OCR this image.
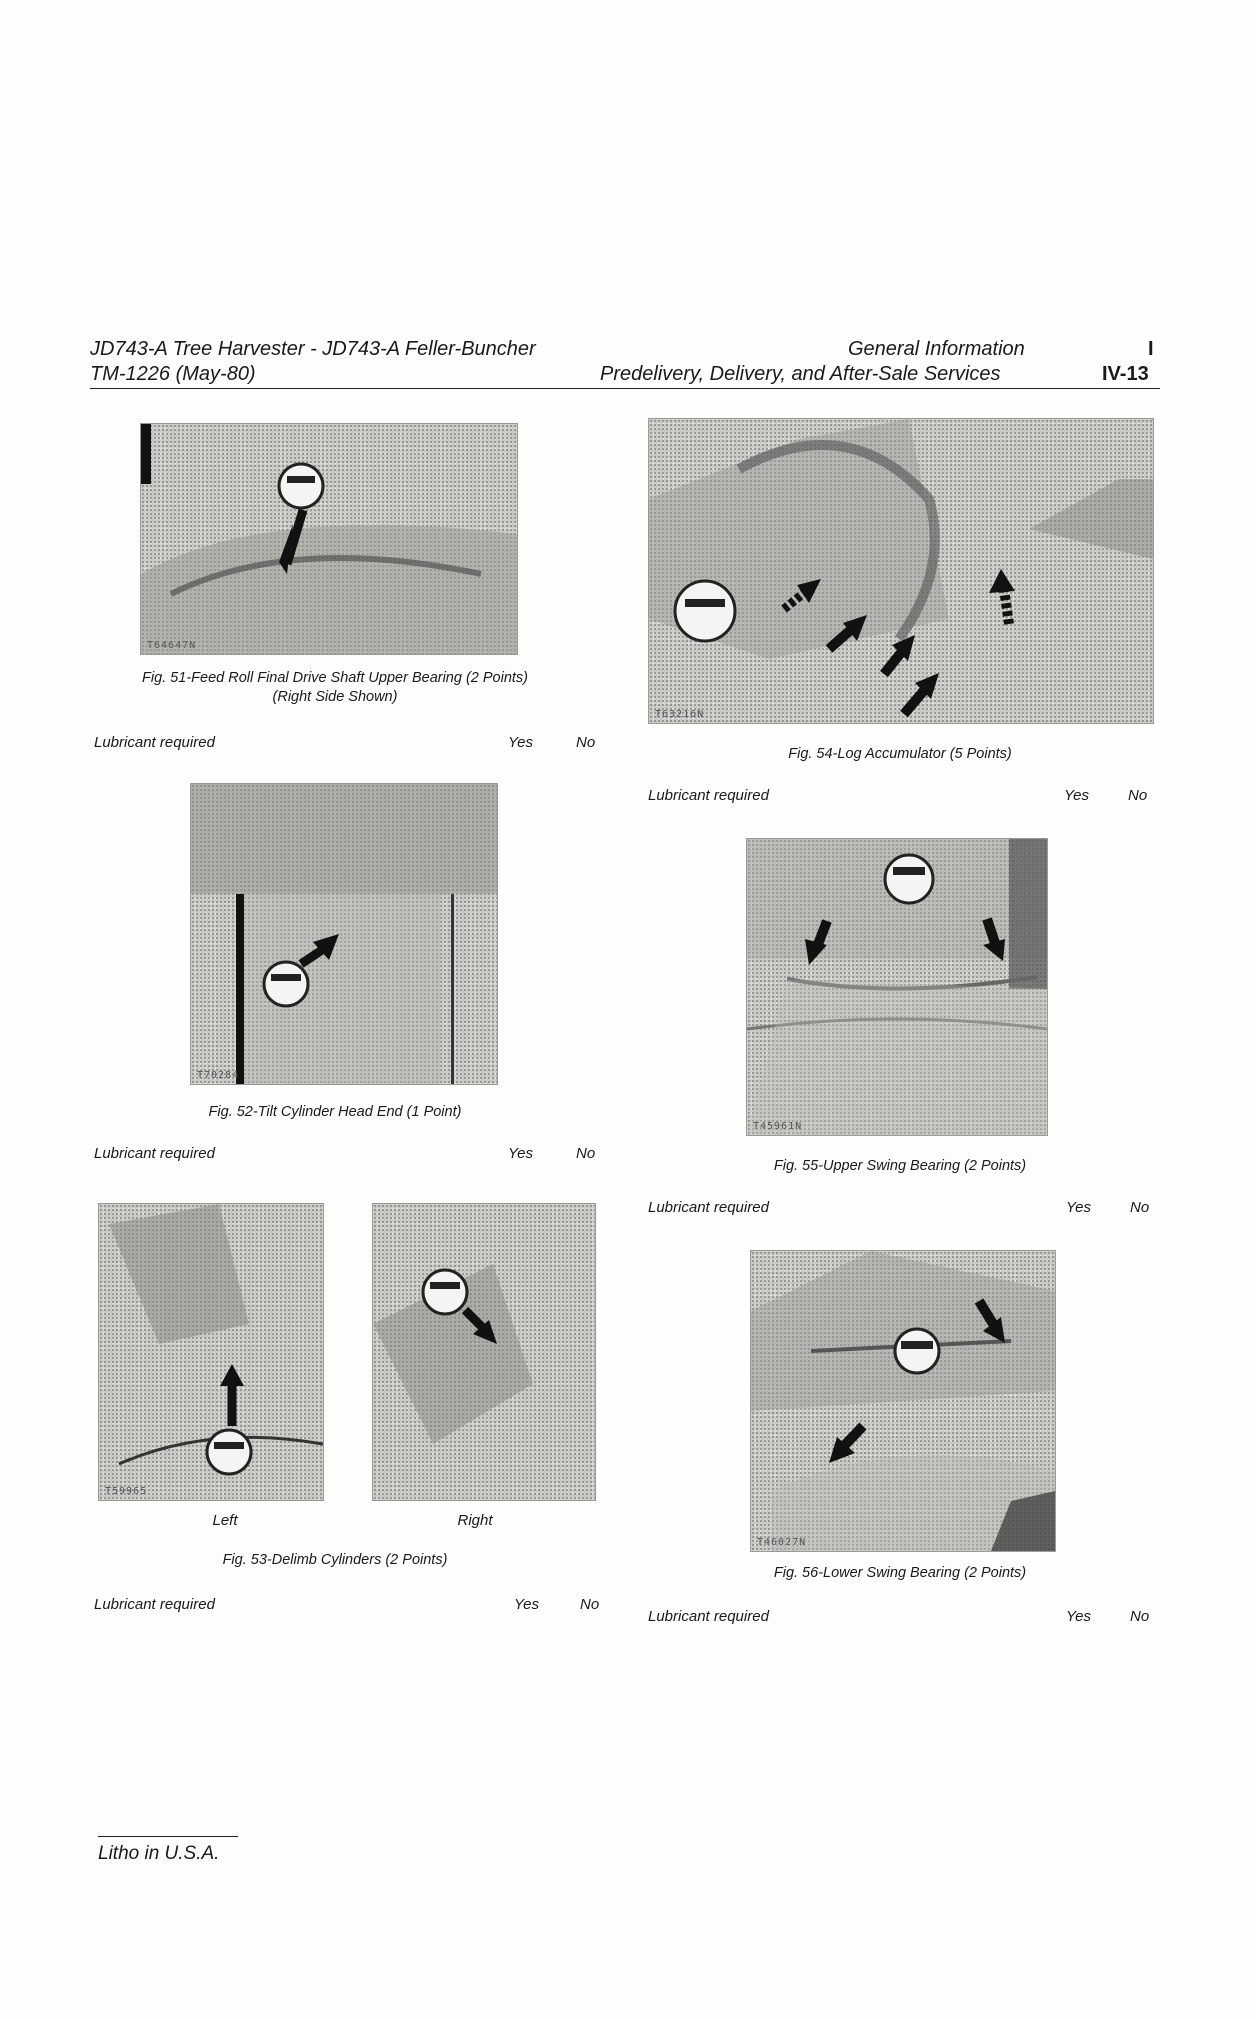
JD743-A Tree Harvester - JD743-A Feller-Buncher
TM-1226 (May-80)
General Information
Predelivery, Delivery, and After-Sale Services
I
IV-13
T64647N
Fig. 51-Feed Roll Final Drive Shaft Upper Bearing (2 Points)
(Right Side Shown)
Lubricant required	Yes	No
T70284
Fig. 52-Tilt Cylinder Head End (1 Point)
Lubricant required	Yes	No
T59965
Left	Right
Fig. 53-Delimb Cylinders (2 Points)
Lubricant required	Yes	No
T63216N
Fig. 54-Log Accumulator (5 Points)
Lubricant required	Yes	No
T45961N
Fig. 55-Upper Swing Bearing (2 Points)
Lubricant required	Yes	No
T46027N
Fig. 56-Lower Swing Bearing (2 Points)
Lubricant required	Yes	No
Litho in U.S.A.
